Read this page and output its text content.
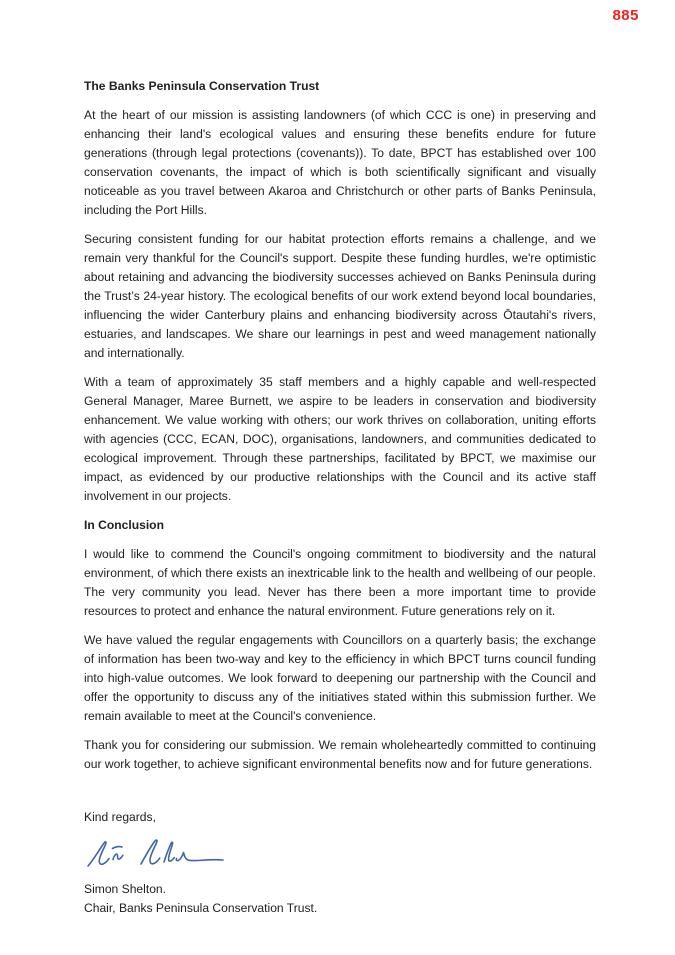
885
The Banks Peninsula Conservation Trust

At the heart of our mission is assisting landowners (of which CCC is one) in preserving and enhancing their land's ecological values and ensuring these benefits endure for future generations (through legal protections (covenants)). To date, BPCT has established over 100 conservation covenants, the impact of which is both scientifically significant and visually noticeable as you travel between Akaroa and Christchurch or other parts of Banks Peninsula, including the Port Hills.

Securing consistent funding for our habitat protection efforts remains a challenge, and we remain very thankful for the Council's support. Despite these funding hurdles, we're optimistic about retaining and advancing the biodiversity successes achieved on Banks Peninsula during the Trust’s 24-year history. The ecological benefits of our work extend beyond local boundaries, influencing the wider Canterbury plains and enhancing biodiversity across Ōtautahi's rivers, estuaries, and landscapes. We share our learnings in pest and weed management nationally and internationally.

With a team of approximately 35 staff members and a highly capable and well-respected General Manager, Maree Burnett, we aspire to be leaders in conservation and biodiversity enhancement. We value working with others; our work thrives on collaboration, uniting efforts with agencies (CCC, ECAN, DOC), organisations, landowners, and communities dedicated to ecological improvement. Through these partnerships, facilitated by BPCT, we maximise our impact, as evidenced by our productive relationships with the Council and its active staff involvement in our projects.

In Conclusion

I would like to commend the Council's ongoing commitment to biodiversity and the natural environment, of which there exists an inextricable link to the health and wellbeing of our people. The very community you lead. Never has there been a more important time to provide resources to protect and enhance the natural environment. Future generations rely on it.

We have valued the regular engagements with Councillors on a quarterly basis; the exchange of information has been two-way and key to the efficiency in which BPCT turns council funding into high-value outcomes. We look forward to deepening our partnership with the Council and offer the opportunity to discuss any of the initiatives stated within this submission further. We remain available to meet at the Council's convenience.

Thank you for considering our submission. We remain wholeheartedly committed to continuing our work together, to achieve significant environmental benefits now and for future generations.

Kind regards,

Simon Shelton.

Chair, Banks Peninsula Conservation Trust.
